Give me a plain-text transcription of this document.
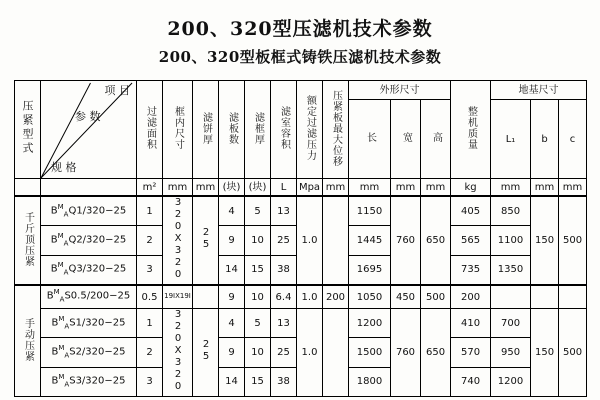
200、320型压滤机技术参数
200、320型板框式铸铁压滤机技术参数
压紧型式	项 目
参 数
规 格	过滤面积	框内尺寸	滤饼厚	滤板数	滤框厚	滤室容积	额定过滤压力	压紧板最大位移	外形尺寸			整机质量	地基尺寸		
										长	宽	高		L₁	b	c
		m²	mm	mm	(块)	(块)	L	Mpa	mm	mm	mm	mm	kg	mm	mm	mm
千斤顶压紧	$B^M_AQ1/320-25$	1	320X320	25	4	5	13	1.0		1150	760	650	405	850	150	500
	$B^M_AQ2/320-25$	2			9	10	25			1445			565	1100		
	$B^M_AQ3/320-25$	3			14	15	38			1695			735	1350		
手动压紧	$B^M_AS0.5/200-25$	0.5	19IX19I		9	10	6.4	1.0	200	1050	450	500	200			
	$B^M_AS1/320-25$	1	320X320	25	4	5	13	1.0		1200	760	650	410	700	150	500
	$B^M_AS2/320-25$	2			9	10	25			1500			570	950		
	$B^M_AS3/320-25$	3			14	15	38			1800			740	1200		
